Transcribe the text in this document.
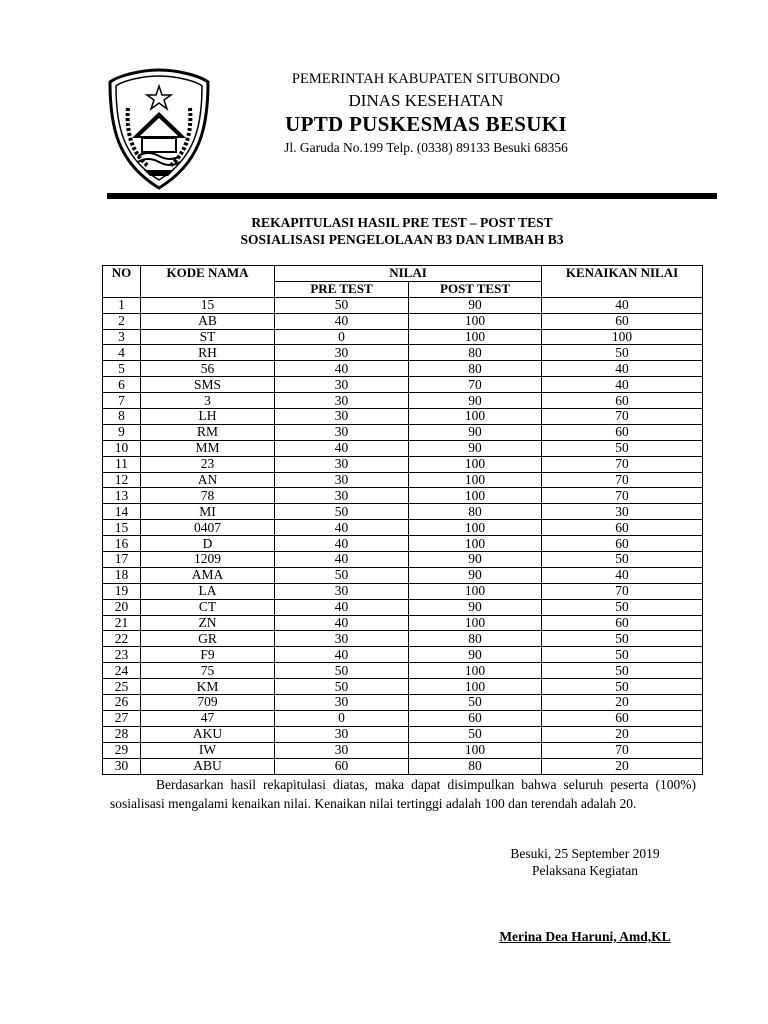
PEMERINTAH KABUPATEN SITUBONDO
DINAS KESEHATAN
UPTD PUSKESMAS BESUKI
Jl. Garuda No.199 Telp. (0338) 89133 Besuki 68356
REKAPITULASI HASIL PRE TEST – POST TEST
SOSIALISASI PENGELOLAAN B3 DAN LIMBAH B3
NO	KODE NAMA	NILAI		KENAIKAN NILAI
		PRE TEST	POST TEST	
1	15	50	90	40
2	AB	40	100	60
3	ST	0	100	100
4	RH	30	80	50
5	56	40	80	40
6	SMS	30	70	40
7	3	30	90	60
8	LH	30	100	70
9	RM	30	90	60
10	MM	40	90	50
11	23	30	100	70
12	AN	30	100	70
13	78	30	100	70
14	MI	50	80	30
15	0407	40	100	60
16	D	40	100	60
17	1209	40	90	50
18	AMA	50	90	40
19	LA	30	100	70
20	CT	40	90	50
21	ZN	40	100	60
22	GR	30	80	50
23	F9	40	90	50
24	75	50	100	50
25	KM	50	100	50
26	709	30	50	20
27	47	0	60	60
28	AKU	30	50	20
29	IW	30	100	70
30	ABU	60	80	20
Berdasarkan hasil rekapitulasi diatas, maka dapat disimpulkan bahwa seluruh peserta (100%) sosialisasi mengalami kenaikan nilai. Kenaikan nilai tertinggi adalah 100 dan terendah adalah 20.
Besuki, 25 September 2019
Pelaksana Kegiatan
Merina Dea Haruni, Amd,KL
